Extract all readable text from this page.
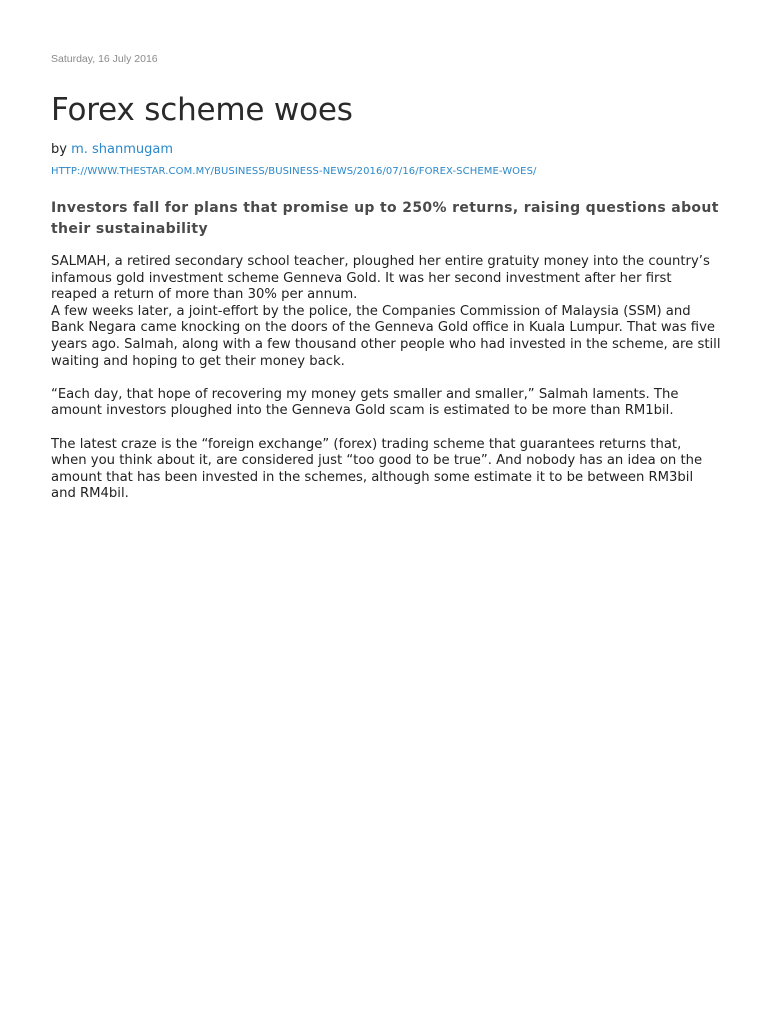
Saturday, 16 July 2016

Forex scheme woes

by m. shanmugam

HTTP://WWW.THESTAR.COM.MY/BUSINESS/BUSINESS-NEWS/2016/07/16/FOREX-SCHEME-WOES/
Investors fall for plans that promise up to 250% returns, raising questions about their sustainability

SALMAH, a retired secondary school teacher, ploughed her entire gratuity money into the country’s infamous gold investment scheme Genneva Gold. It was her second investment after her first reaped a return of more than 30% per annum.

A few weeks later, a joint-effort by the police, the Companies Commission of Malaysia (SSM) and Bank Negara came knocking on the doors of the Genneva Gold office in Kuala Lumpur. That was five years ago. Salmah, along with a few thousand other people who had invested in the scheme, are still waiting and hoping to get their money back.

“Each day, that hope of recovering my money gets smaller and smaller,” Salmah laments. The amount investors ploughed into the Genneva Gold scam is estimated to be more than RM1bil.

The latest craze is the “foreign exchange” (forex) trading scheme that guarantees returns that, when you think about it, are considered just “too good to be true”. And nobody has an idea on the amount that has been invested in the schemes, although some estimate it to be between RM3bil and RM4bil.
